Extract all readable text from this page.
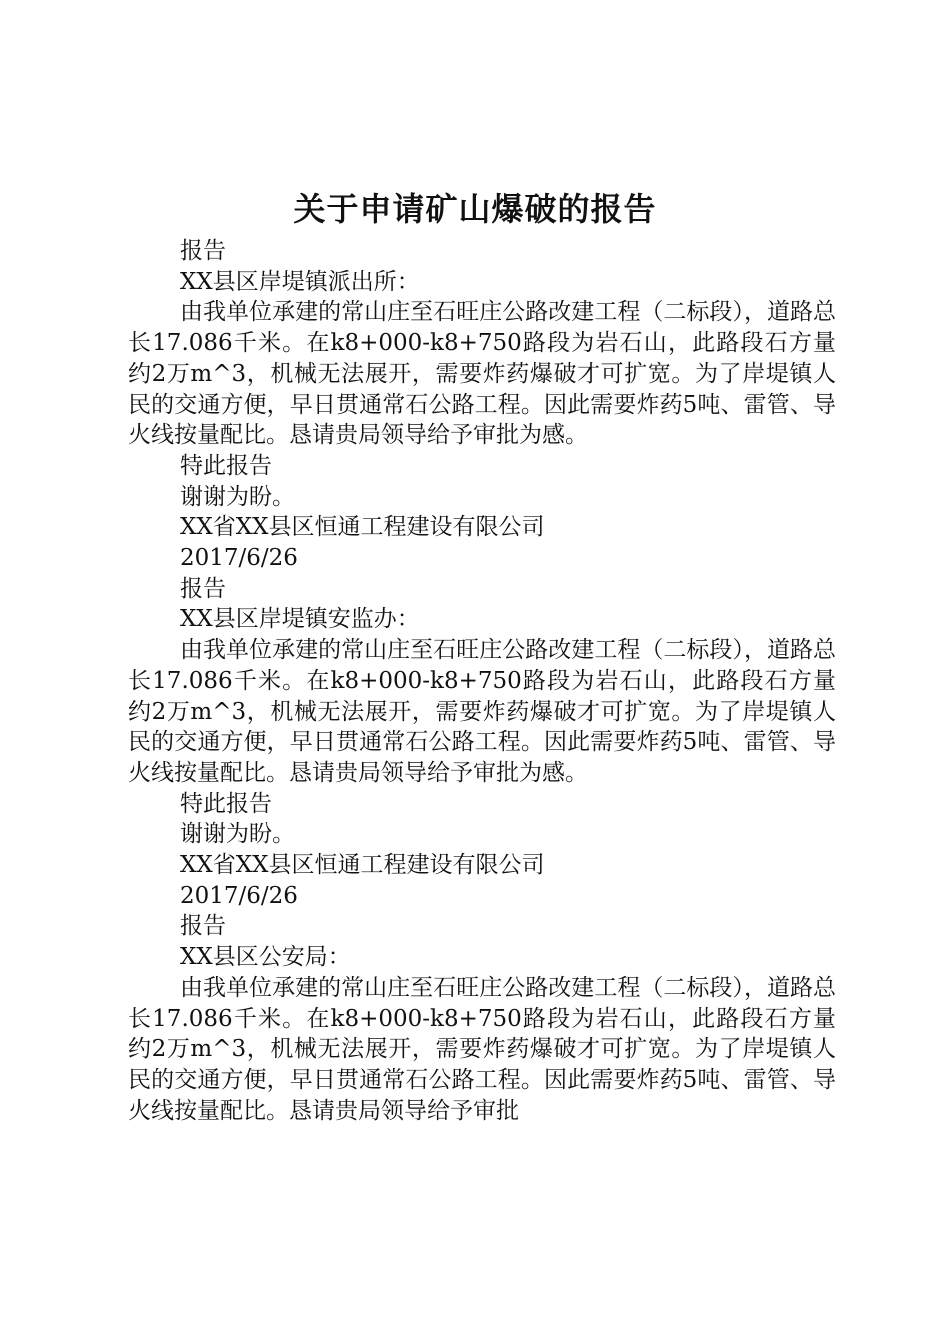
关于申请矿山爆破的报告

报告

XX县区岸堤镇派出所：

由我单位承建的常山庄至石旺庄公路改建工程（二标段），道路总长17.086千米。在k8+000-k8+750路段为岩石山，此路段石方量约2万m^3，机械无法展开，需要炸药爆破才可扩宽。为了岸堤镇人民的交通方便，早日贯通常石公路工程。因此需要炸药5吨、雷管、导火线按量配比。恳请贵局领导给予审批为感。

特此报告

谢谢为盼。

XX省XX县区恒通工程建设有限公司

2017/6/26

报告

XX县区岸堤镇安监办：

由我单位承建的常山庄至石旺庄公路改建工程（二标段），道路总长17.086千米。在k8+000-k8+750路段为岩石山，此路段石方量约2万m^3，机械无法展开，需要炸药爆破才可扩宽。为了岸堤镇人民的交通方便，早日贯通常石公路工程。因此需要炸药5吨、雷管、导火线按量配比。恳请贵局领导给予审批为感。

特此报告

谢谢为盼。

XX省XX县区恒通工程建设有限公司

2017/6/26

报告

XX县区公安局：

由我单位承建的常山庄至石旺庄公路改建工程（二标段），道路总长17.086千米。在k8+000-k8+750路段为岩石山，此路段石方量约2万m^3，机械无法展开，需要炸药爆破才可扩宽。为了岸堤镇人民的交通方便，早日贯通常石公路工程。因此需要炸药5吨、雷管、导火线按量配比。恳请贵局领导给予审批
